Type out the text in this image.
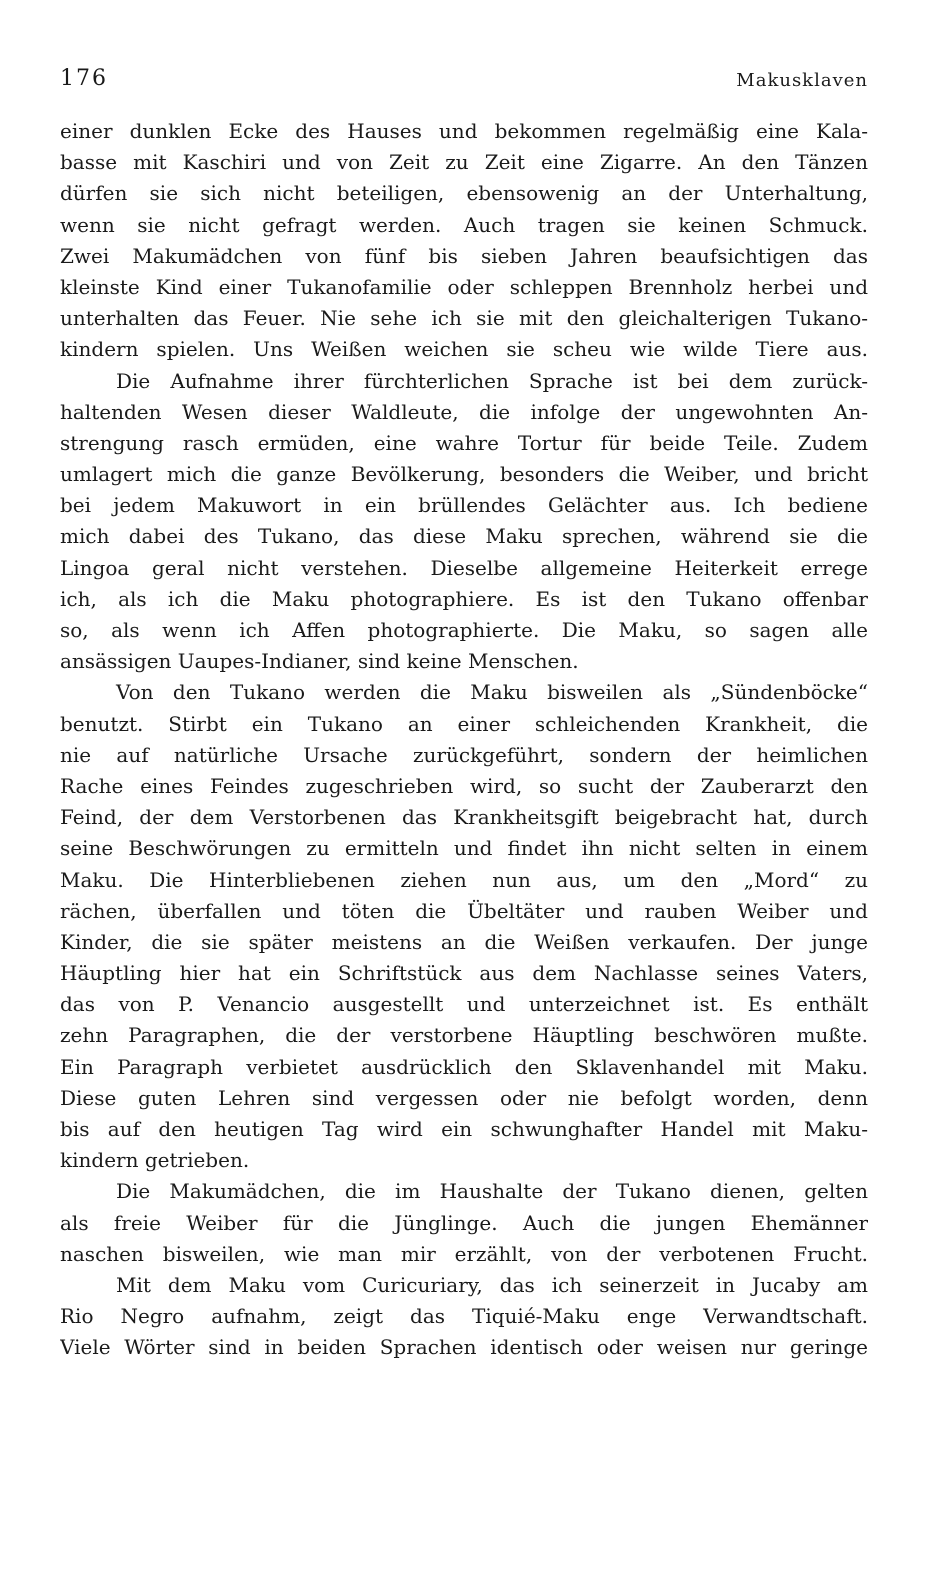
176	Makusklaven
einer dunklen Ecke des Hauses und bekommen regelmäßig eine Kala-
basse mit Kaschiri und von Zeit zu Zeit eine Zigarre. An den Tänzen
dürfen sie sich nicht beteiligen, ebensowenig an der Unterhaltung,
wenn sie nicht gefragt werden. Auch tragen sie keinen Schmuck.
Zwei Makumädchen von fünf bis sieben Jahren beaufsichtigen das
kleinste Kind einer Tukanofamilie oder schleppen Brennholz herbei und
unterhalten das Feuer. Nie sehe ich sie mit den gleichalterigen Tukano-
kindern spielen. Uns Weißen weichen sie scheu wie wilde Tiere aus.
Die Aufnahme ihrer fürchterlichen Sprache ist bei dem zurück-
haltenden Wesen dieser Waldleute, die infolge der ungewohnten An-
strengung rasch ermüden, eine wahre Tortur für beide Teile. Zudem
umlagert mich die ganze Bevölkerung, besonders die Weiber, und bricht
bei jedem Makuwort in ein brüllendes Gelächter aus. Ich bediene
mich dabei des Tukano, das diese Maku sprechen, während sie die
Lingoa geral nicht verstehen. Dieselbe allgemeine Heiterkeit errege
ich, als ich die Maku photographiere. Es ist den Tukano offenbar
so, als wenn ich Affen photographierte. Die Maku, so sagen alle
ansässigen Uaupes-Indianer, sind keine Menschen.
Von den Tukano werden die Maku bisweilen als „Sündenböcke“
benutzt. Stirbt ein Tukano an einer schleichenden Krankheit, die
nie auf natürliche Ursache zurückgeführt, sondern der heimlichen
Rache eines Feindes zugeschrieben wird, so sucht der Zauberarzt den
Feind, der dem Verstorbenen das Krankheitsgift beigebracht hat, durch
seine Beschwörungen zu ermitteln und findet ihn nicht selten in einem
Maku. Die Hinterbliebenen ziehen nun aus, um den „Mord“ zu
rächen, überfallen und töten die Übeltäter und rauben Weiber und
Kinder, die sie später meistens an die Weißen verkaufen. Der junge
Häuptling hier hat ein Schriftstück aus dem Nachlasse seines Vaters,
das von P. Venancio ausgestellt und unterzeichnet ist. Es enthält
zehn Paragraphen, die der verstorbene Häuptling beschwören mußte.
Ein Paragraph verbietet ausdrücklich den Sklavenhandel mit Maku.
Diese guten Lehren sind vergessen oder nie befolgt worden, denn
bis auf den heutigen Tag wird ein schwunghafter Handel mit Maku-
kindern getrieben.
Die Makumädchen, die im Haushalte der Tukano dienen, gelten
als freie Weiber für die Jünglinge. Auch die jungen Ehemänner
naschen bisweilen, wie man mir erzählt, von der verbotenen Frucht.
Mit dem Maku vom Curicuriary, das ich seinerzeit in Jucaby am
Rio Negro aufnahm, zeigt das Tiquié-Maku enge Verwandtschaft.
Viele Wörter sind in beiden Sprachen identisch oder weisen nur geringe
